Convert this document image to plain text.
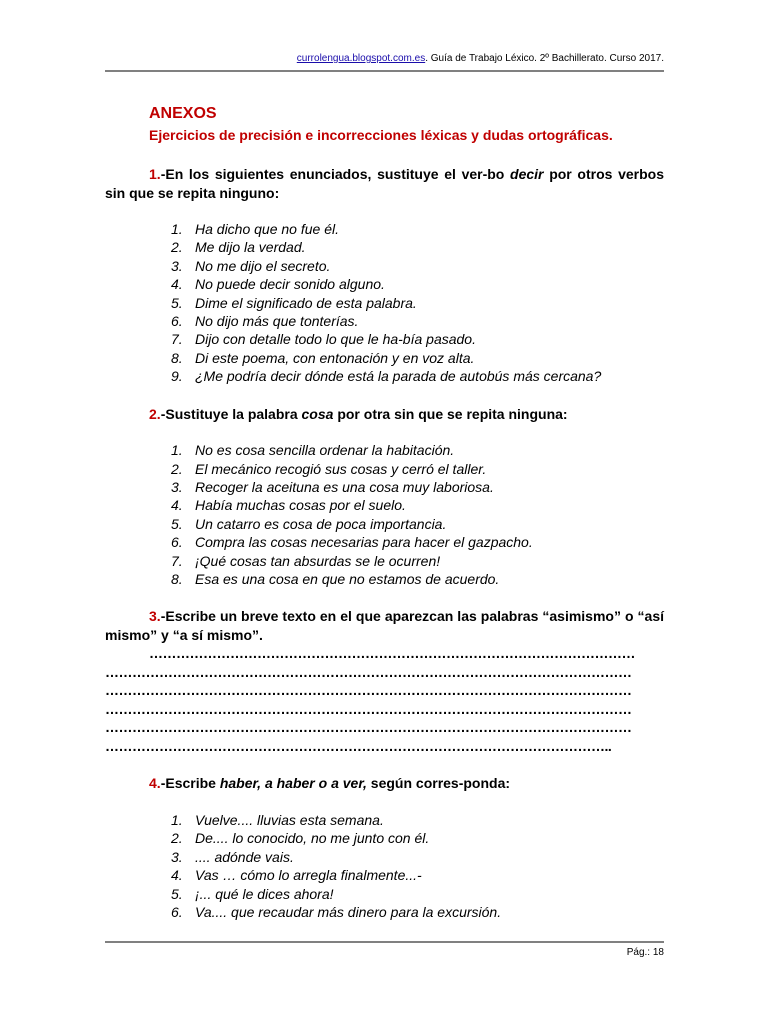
currolengua.blogspot.com.es. Guía de Trabajo Léxico. 2º Bachillerato. Curso 2017.
ANEXOS
Ejercicios de precisión e incorrecciones léxicas y dudas ortográficas.
1.-En los siguientes enunciados, sustituye el ver-bo decir por otros verbos sin que se repita ninguno:
1. Ha dicho que no fue él.
2. Me dijo la verdad.
3. No me dijo el secreto.
4. No puede decir sonido alguno.
5. Dime el significado de esta palabra.
6. No dijo más que tonterías.
7. Dijo con detalle todo lo que le ha-bía pasado.
8. Di este poema, con entonación y en voz alta.
9. ¿Me podría decir dónde está la parada de autobús más cercana?
2.-Sustituye la palabra cosa por otra sin que se repita ninguna:
1. No es cosa sencilla ordenar la habitación.
2. El mecánico recogió sus cosas y cerró el taller.
3. Recoger la aceituna es una cosa muy laboriosa.
4. Había muchas cosas por el suelo.
5. Un catarro es cosa de poca importancia.
6. Compra las cosas necesarias para hacer el gazpacho.
7. ¡Qué cosas tan absurdas se le ocurren!
8. Esa es una cosa en que no estamos de acuerdo.
3.-Escribe un breve texto en el que aparezcan las palabras “asimismo” o “así mismo” y “a sí mismo”.
………………………………………………………………………………………………
………………………………………………………………………………………………………
………………………………………………………………………………………………………
………………………………………………………………………………………………………
………………………………………………………………………………………………………
…………………………………………………………………………………………………..
4.-Escribe haber, a haber o a ver, según corres-ponda:
1. Vuelve.... lluvias esta semana.
2. De.... lo conocido, no me junto con él.
3. .... adónde vais.
4. Vas … cómo lo arregla finalmente...-
5. ¡... qué le dices ahora!
6. Va.... que recaudar más dinero para la excursión.
Pág.: 18
